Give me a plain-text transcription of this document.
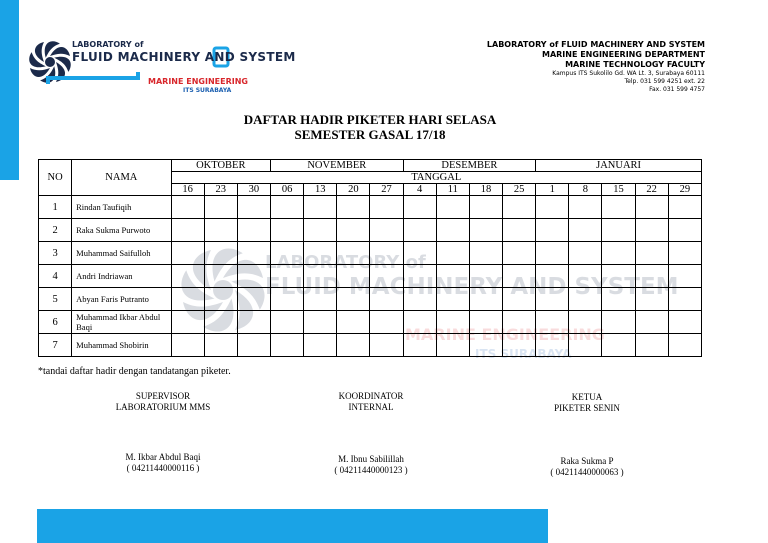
LABORATORY of
FLUID MACHINERY AND SYSTEM
MARINE ENGINEERING
ITS SURABAYA
LABORATORY of
FLUID MACHINERY AND SYSTEM
MARINE ENGINEERING
ITS SURABAYA
LABORATORY of FLUID MACHINERY AND SYSTEM
MARINE ENGINEERING DEPARTMENT
MARINE TECHNOLOGY FACULTY
Kampus ITS Sukolilo Gd. WA Lt. 3, Surabaya 60111
Telp. 031 599 4251 ext. 22
Fax. 031 599 4757
DAFTAR HADIR PIKETER HARI SELASA
SEMESTER GASAL 17/18
NO	NAMA	OKTOBER			NOVEMBER				DESEMBER				JANUARI				
		TANGGAL															
		16	23	30	06	13	20	27	4	11	18	25	1	8	15	22	29
1	Rindan Taufiqih																
2	Raka Sukma Purwoto																
3	Muhammad Saifulloh																
4	Andri Indriawan																
5	Abyan Faris Putranto																
6	Muhammad Ikbar Abdul Baqi																
7	Muhammad Shobirin																
*tandai daftar hadir dengan tandatangan piketer.
SUPERVISOR
LABORATORIUM MMS
M. Ikbar Abdul Baqi
( 04211440000116 )
KOORDINATOR
INTERNAL
M. Ibnu Sabilillah
( 04211440000123 )
KETUA
PIKETER SENIN
Raka Sukma P
( 04211440000063 )
